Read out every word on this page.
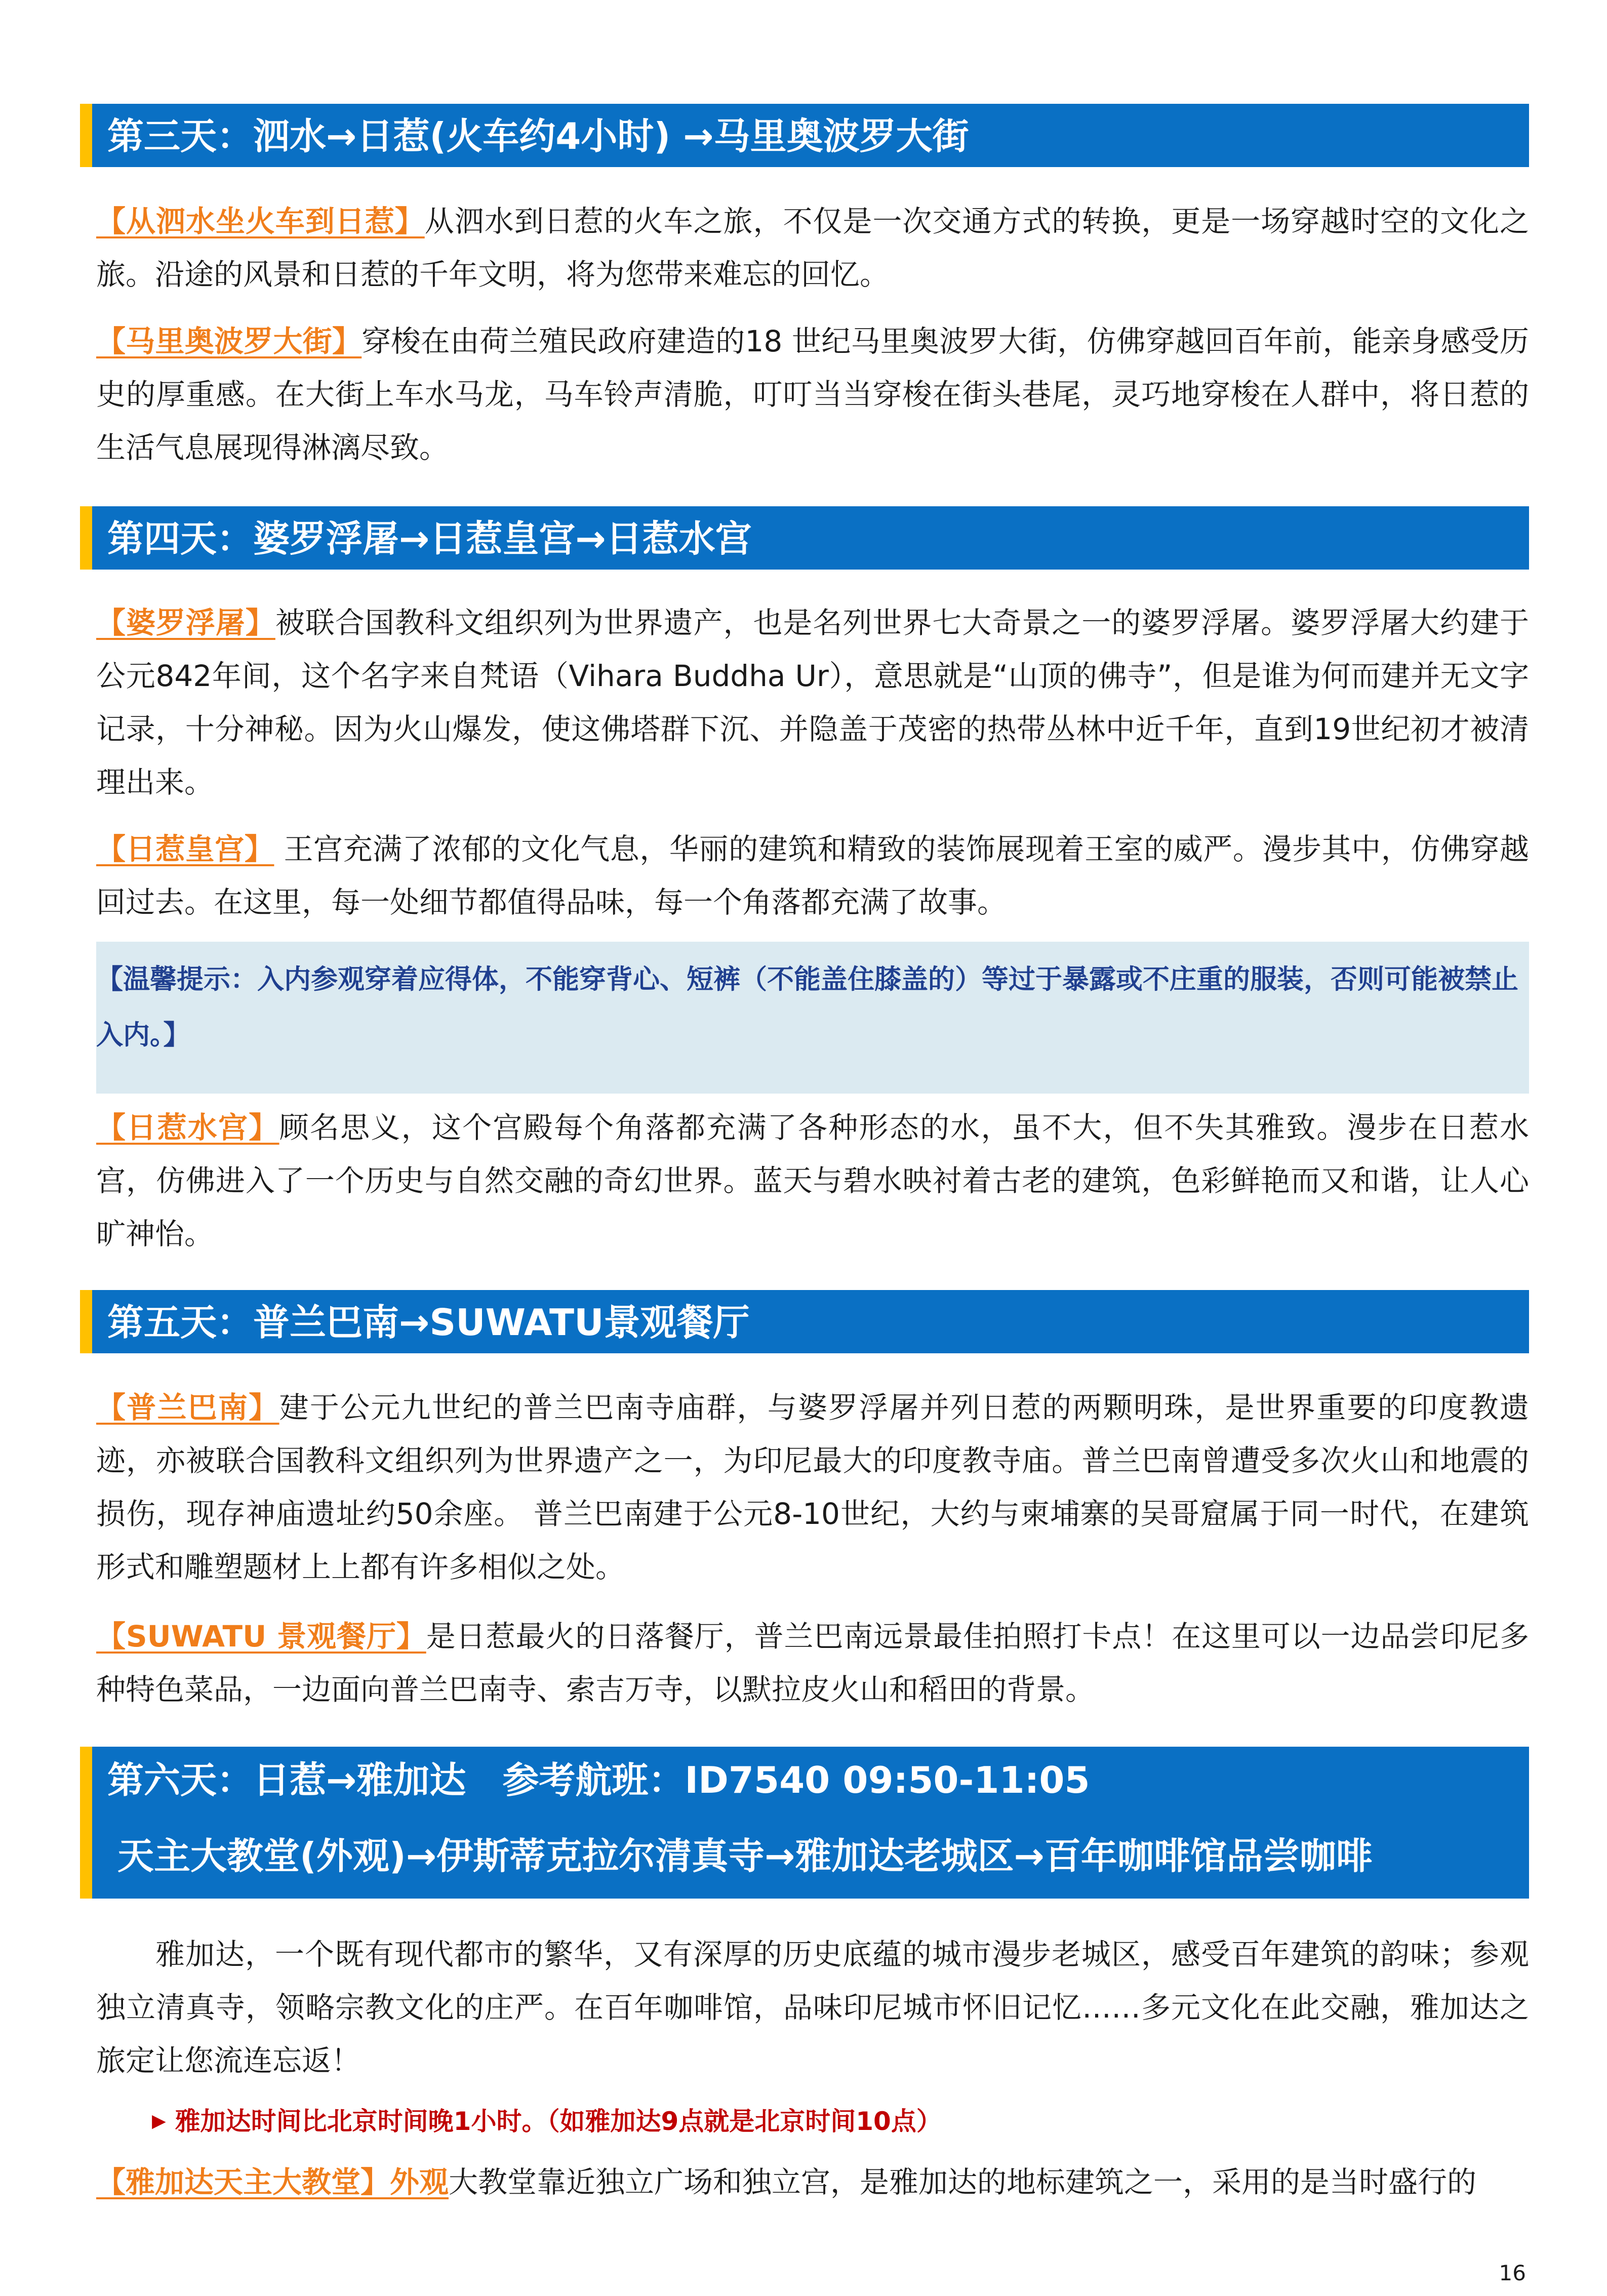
第三天：泗水→日惹(火车约4小时) →马里奥波罗大街
【从泗水坐火车到日惹】从泗水到日惹的火车之旅，不仅是一次交通方式的转换，更是一场穿越时空的文化之旅。沿途的风景和日惹的千年文明，将为您带来难忘的回忆。
【马里奥波罗大街】穿梭在由荷兰殖民政府建造的18 世纪马里奥波罗大街，仿佛穿越回百年前，能亲身感受历史的厚重感。在大街上车水马龙，马车铃声清脆，叮叮当当穿梭在街头巷尾，灵巧地穿梭在人群中，将日惹的生活气息展现得淋漓尽致。
第四天：婆罗浮屠→日惹皇宫→日惹水宫
【婆罗浮屠】被联合国教科文组织列为世界遗产，也是名列世界七大奇景之一的婆罗浮屠。婆罗浮屠大约建于公元842年间，这个名字来自梵语（Vihara Buddha Ur），意思就是“山顶的佛寺”，但是谁为何而建并无文字记录，十分神秘。因为火山爆发，使这佛塔群下沉、并隐盖于茂密的热带丛林中近千年，直到19世纪初才被清理出来。
【日惹皇宫】 王宫充满了浓郁的文化气息，华丽的建筑和精致的装饰展现着王室的威严。漫步其中，仿佛穿越回过去。在这里，每一处细节都值得品味，每一个角落都充满了故事。
【温馨提示：入内参观穿着应得体，不能穿背心、短裤（不能盖住膝盖的）等过于暴露或不庄重的服装，否则可能被禁止入内。】
【日惹水宫】顾名思义，这个宫殿每个角落都充满了各种形态的水，虽不大，但不失其雅致。漫步在日惹水宫，仿佛进入了一个历史与自然交融的奇幻世界。蓝天与碧水映衬着古老的建筑，色彩鲜艳而又和谐，让人心旷神怡。
第五天：普兰巴南→SUWATU景观餐厅
【普兰巴南】建于公元九世纪的普兰巴南寺庙群，与婆罗浮屠并列日惹的两颗明珠，是世界重要的印度教遗迹，亦被联合国教科文组织列为世界遗产之一，为印尼最大的印度教寺庙。普兰巴南曾遭受多次火山和地震的损伤，现存神庙遗址约50余座。 普兰巴南建于公元8-10世纪，大约与柬埔寨的吴哥窟属于同一时代，在建筑形式和雕塑题材上上都有许多相似之处。
【SUWATU 景观餐厅】是日惹最火的日落餐厅，普兰巴南远景最佳拍照打卡点！在这里可以一边品尝印尼多种特色菜品，一边面向普兰巴南寺、索吉万寺，以默拉皮火山和稻田的背景。
第六天：日惹→雅加达　参考航班：ID7540 09:50-11:05
天主大教堂(外观)→伊斯蒂克拉尔清真寺→雅加达老城区→百年咖啡馆品尝咖啡
雅加达，一个既有现代都市的繁华，又有深厚的历史底蕴的城市漫步老城区，感受百年建筑的韵味；参观独立清真寺，领略宗教文化的庄严。在百年咖啡馆，品味印尼城市怀旧记忆……多元文化在此交融，雅加达之旅定让您流连忘返！
▶ 雅加达时间比北京时间晚1小时。（如雅加达9点就是北京时间10点）
【雅加达天主大教堂】外观大教堂靠近独立广场和独立宫，是雅加达的地标建筑之一，采用的是当时盛行的
16
